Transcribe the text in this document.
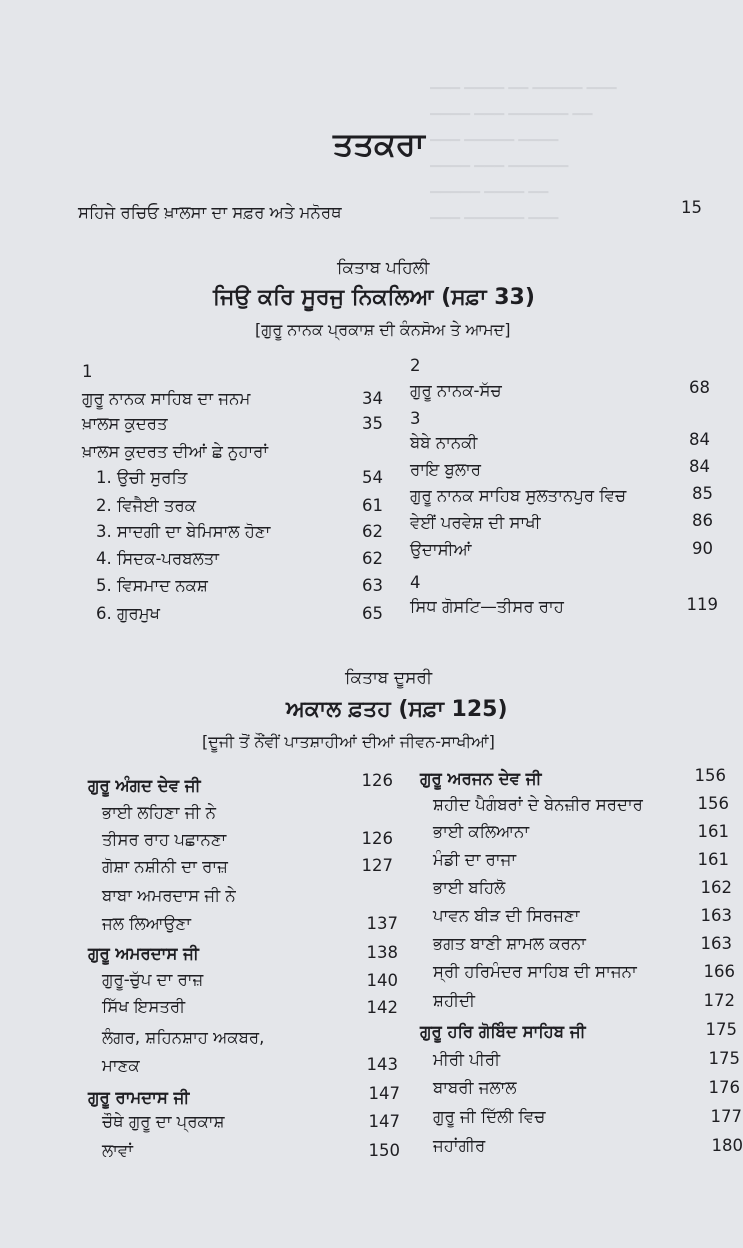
▁▁▁ ▁▁▁▁ ▁▁ ▁▁▁▁▁ ▁▁▁
▁▁▁▁ ▁▁▁ ▁▁▁▁▁▁ ▁▁
▁▁▁ ▁▁▁▁▁ ▁▁▁▁
▁▁▁▁ ▁▁▁ ▁▁▁▁▁▁
▁▁▁▁▁ ▁▁▁▁ ▁▁
▁▁▁ ▁▁▁▁▁▁ ▁▁▁
ਤਤਕਰਾ
ਸਹਿਜੇ ਰਚਿਓ ਖ਼ਾਲਸਾ ਦਾ ਸਫ਼ਰ ਅਤੇ ਮਨੋਰਥ	15
ਕਿਤਾਬ ਪਹਿਲੀ
ਜਿਉ ਕਰਿ ਸੂਰਜੁ ਨਿਕਲਿਆ (ਸਫ਼ਾ 33)
[ਗੁਰੂ ਨਾਨਕ ਪ੍ਰਕਾਸ਼ ਦੀ ਕੰਨਸੋਅ ਤੇ ਆਮਦ]
1
ਗੁਰੂ ਨਾਨਕ ਸਾਹਿਬ ਦਾ ਜਨਮ	34
ਖ਼ਾਲਸ ਕੁਦਰਤ	35
ਖ਼ਾਲਸ ਕੁਦਰਤ ਦੀਆਂ ਛੇ ਨੁਹਾਰਾਂ
1. ਉਚੀ ਸੁਰਤਿ	54
2. ਵਿਜੈਈ ਤਰਕ	61
3. ਸਾਦਗੀ ਦਾ ਬੇਮਿਸਾਲ ਹੋਣਾ	62
4. ਸਿਦਕ-ਪਰਬਲਤਾ	62
5. ਵਿਸਮਾਦ ਨਕਸ਼	63
6. ਗੁਰਮੁਖ	65
2
ਗੁਰੂ ਨਾਨਕ-ਸੱਚ	68
3
ਬੇਬੇ ਨਾਨਕੀ	84
ਰਾਇ ਬੁਲਾਰ	84
ਗੁਰੂ ਨਾਨਕ ਸਾਹਿਬ ਸੁਲਤਾਨਪੁਰ ਵਿਚ	85
ਵੇਈਂ ਪਰਵੇਸ਼ ਦੀ ਸਾਖੀ	86
ਉਦਾਸੀਆਂ	90
4
ਸਿਧ ਗੋਸਟਿ—ਤੀਸਰ ਰਾਹ	119
ਕਿਤਾਬ ਦੂਸਰੀ
ਅਕਾਲ ਫ਼ਤਹ (ਸਫ਼ਾ 125)
[ਦੂਜੀ ਤੋਂ ਨੌਂਵੀਂ ਪਾਤਸ਼ਾਹੀਆਂ ਦੀਆਂ ਜੀਵਨ-ਸਾਖੀਆਂ]
ਗੁਰੂ ਅੰਗਦ ਦੇਵ ਜੀ	126
ਭਾਈ ਲਹਿਣਾ ਜੀ ਨੇ
ਤੀਸਰ ਰਾਹ ਪਛਾਨਣਾ	126
ਗੋਸ਼ਾ ਨਸ਼ੀਨੀ ਦਾ ਰਾਜ਼	127
ਬਾਬਾ ਅਮਰਦਾਸ ਜੀ ਨੇ
ਜਲ ਲਿਆਉਣਾ	137
ਗੁਰੂ ਅਮਰਦਾਸ ਜੀ	138
ਗੁਰੂ-ਚੁੱਪ ਦਾ ਰਾਜ਼	140
ਸਿੱਖ ਇਸਤਰੀ	142
ਲੰਗਰ, ਸ਼ਹਿਨਸ਼ਾਹ ਅਕਬਰ,
ਮਾਣਕ	143
ਗੁਰੂ ਰਾਮਦਾਸ ਜੀ	147
ਚੌਥੇ ਗੁਰੂ ਦਾ ਪ੍ਰਕਾਸ਼	147
ਲਾਵਾਂ	150
ਗੁਰੂ ਅਰਜਨ ਦੇਵ ਜੀ	156
ਸ਼ਹੀਦ ਪੈਗੰਬਰਾਂ ਦੇ ਬੇਨਜ਼ੀਰ ਸਰਦਾਰ	156
ਭਾਈ ਕਲਿਆਨਾ	161
ਮੰਡੀ ਦਾ ਰਾਜਾ	161
ਭਾਈ ਬਹਿਲੋ	162
ਪਾਵਨ ਬੀੜ ਦੀ ਸਿਰਜਣਾ	163
ਭਗਤ ਬਾਣੀ ਸ਼ਾਮਲ ਕਰਨਾ	163
ਸ੍ਰੀ ਹਰਿਮੰਦਰ ਸਾਹਿਬ ਦੀ ਸਾਜਨਾ	166
ਸ਼ਹੀਦੀ	172
ਗੁਰੂ ਹਰਿ ਗੋਬਿੰਦ ਸਾਹਿਬ ਜੀ	175
ਮੀਰੀ ਪੀਰੀ	175
ਬਾਬਰੀ ਜਲਾਲ	176
ਗੁਰੂ ਜੀ ਦਿੱਲੀ ਵਿਚ	177
ਜਹਾਂਗੀਰ	180
